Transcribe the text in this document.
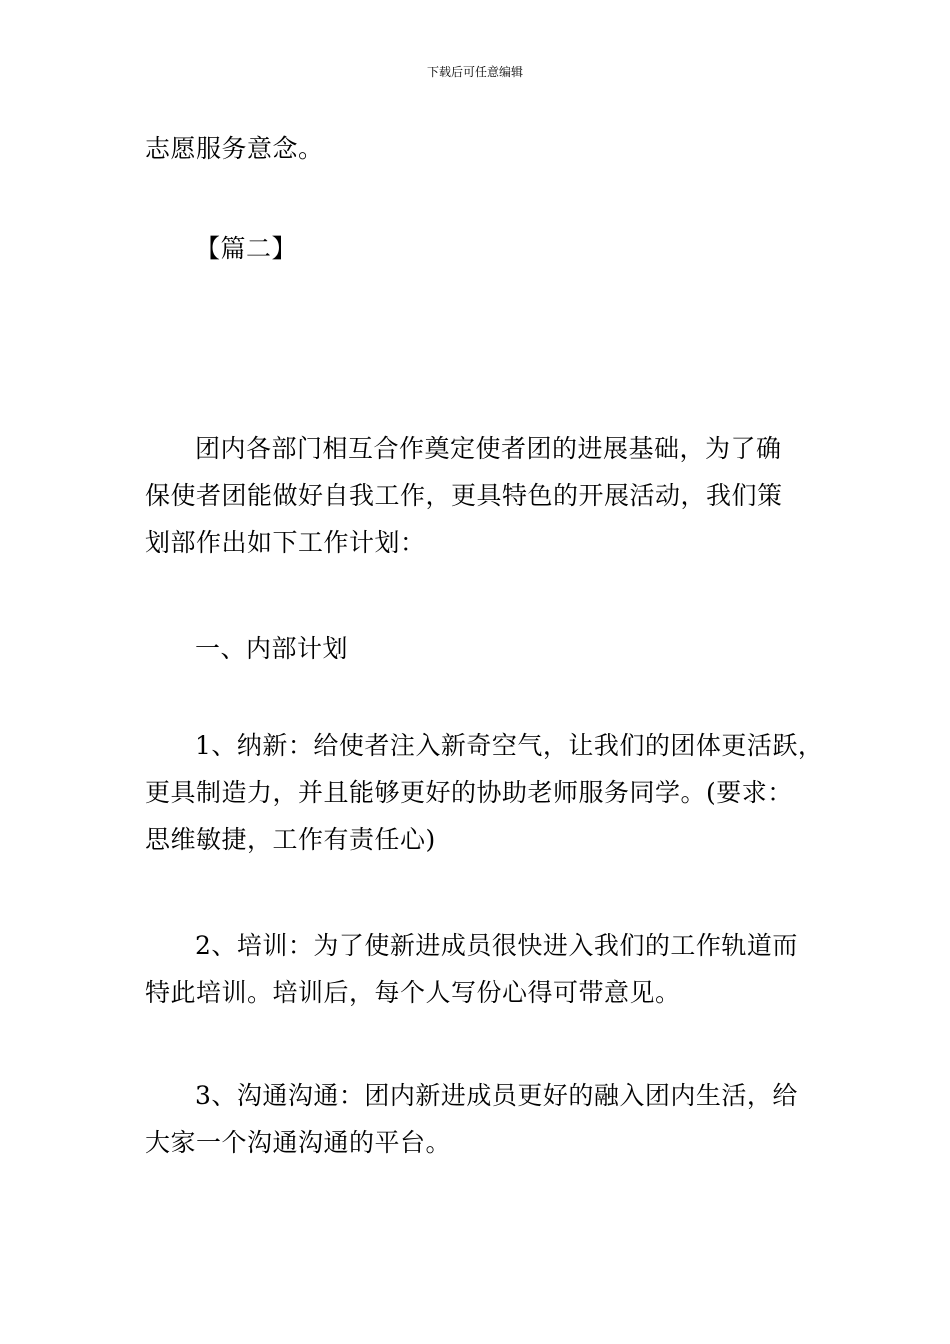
下载后可任意编辑
志愿服务意念。
【篇二】
团内各部门相互合作奠定使者团的进展基础，为了确
保使者团能做好自我工作，更具特色的开展活动，我们策
划部作出如下工作计划：
一、内部计划
1、纳新：给使者注入新奇空气，让我们的团体更活跃，
更具制造力，并且能够更好的协助老师服务同学。(要求：
思维敏捷，工作有责任心)
2、培训：为了使新进成员很快进入我们的工作轨道而
特此培训。培训后，每个人写份心得可带意见。
3、沟通沟通：团内新进成员更好的融入团内生活，给
大家一个沟通沟通的平台。
